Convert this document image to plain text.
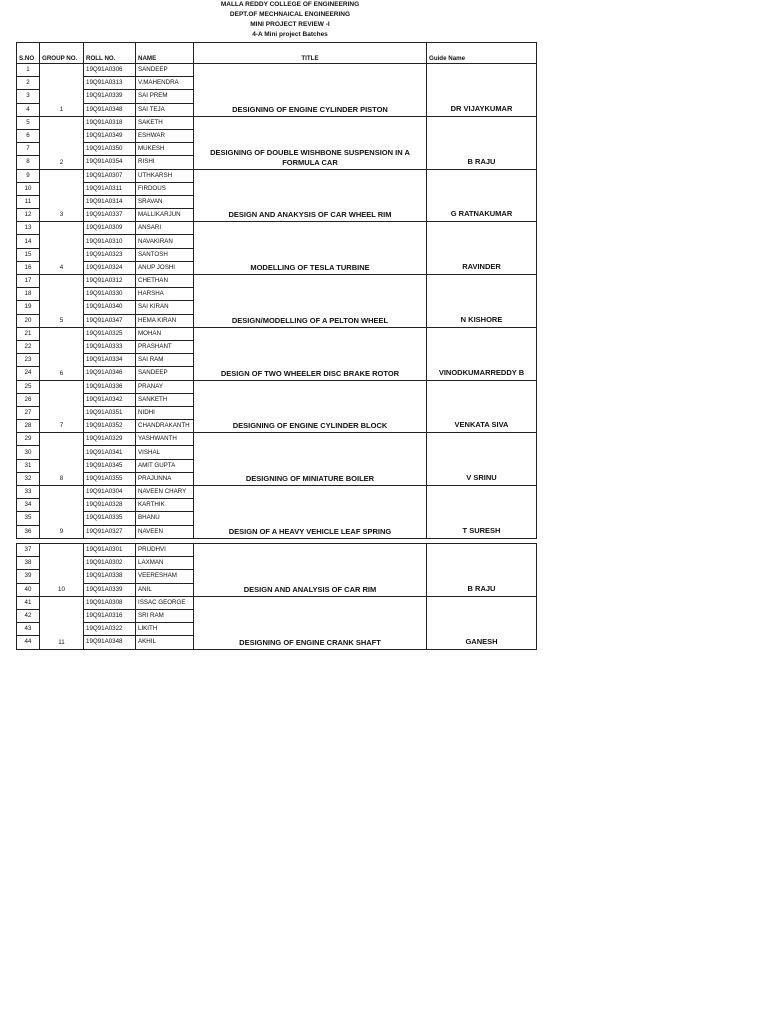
MALLA REDDY COLLEGE OF ENGINEERING
DEPT.OF MECHNAICAL ENGINEERING
MINI PROJECT REVIEW -I
4-A Mini project Batches
S.NO	GROUP NO.	ROLL NO.	NAME	TITLE	Guide Name
1	1	19Q91A0306	SANDEEP	DESIGNING OF ENGINE CYLINDER PISTON	DR VIJAYKUMAR
2		19Q91A0313	V.MAHENDRA		
3		19Q91A0339	SAI PREM		
4		19Q91A0348	SAI TEJA		
5	2	19Q91A0318	SAKETH	DESIGNING OF DOUBLE WISHBONE SUSPENSION IN A FORMULA CAR	B RAJU
6		19Q91A0349	ESHWAR		
7		19Q91A0350	MUKESH		
8		19Q91A0354	RISHI		
9	3	19Q91A0307	UTHKARSH	DESIGN AND ANAKYSIS OF CAR WHEEL RIM	G RATNAKUMAR
10		19Q91A0311	FIRDOUS		
11		19Q91A0314	SRAVAN		
12		19Q91A0337	MALLIKARJUN		
13	4	19Q91A0309	ANSARI	MODELLING OF TESLA TURBINE	RAVINDER
14		19Q91A0310	NAVAKIRAN		
15		19Q91A0323	SANTOSH		
16		19Q91A0324	ANUP JOSHI		
17	5	19Q91A0312	CHETHAN	DESIGN/MODELLING OF A PELTON WHEEL	N KISHORE
18		19Q91A0330	HARSHA		
19		19Q91A0340	SAI KIRAN		
20		19Q91A0347	HEMA KIRAN		
21	6	19Q91A0325	MOHAN	DESIGN OF TWO WHEELER DISC BRAKE ROTOR	VINODKUMARREDDY B
22		19Q91A0333	PRASHANT		
23		19Q91A0334	SAI RAM		
24		19Q91A0346	SANDEEP		
25	7	19Q91A0336	PRANAY	DESIGNING OF ENGINE CYLINDER BLOCK	VENKATA SIVA
26		19Q91A0342	SANKETH		
27		19Q91A0351	NIDHI		
28		19Q91A0352	CHANDRAKANTH		
29	8	19Q91A0329	YASHWANTH	DESIGNING OF MINIATURE BOILER	V SRINU
30		19Q91A0341	VISHAL		
31		19Q91A0345	AMIT GUPTA		
32		19Q91A0355	PRAJUNNA		
33	9	19Q91A0304	NAVEEN CHARY	DESIGN OF A HEAVY VEHICLE LEAF SPRING	T SURESH
34		19Q91A0328	KARTHIK		
35		19Q91A0335	BHANU		
36		19Q91A0327	NAVEEN		
37	10	19Q91A0301	PRUDHVI	DESIGN AND ANALYSIS OF CAR RIM	B RAJU
38		19Q91A0302	LAXMAN		
39		19Q91A0338	VEERESHAM		
40		19Q91A0339	ANIL		
41	11	19Q91A0308	ISSAC GEORGE	DESIGNING OF ENGINE CRANK SHAFT	GANESH
42		19Q91A0316	SRI RAM		
43		19Q91A0322	LIKITH		
44		19Q91A0348	AKHIL		
